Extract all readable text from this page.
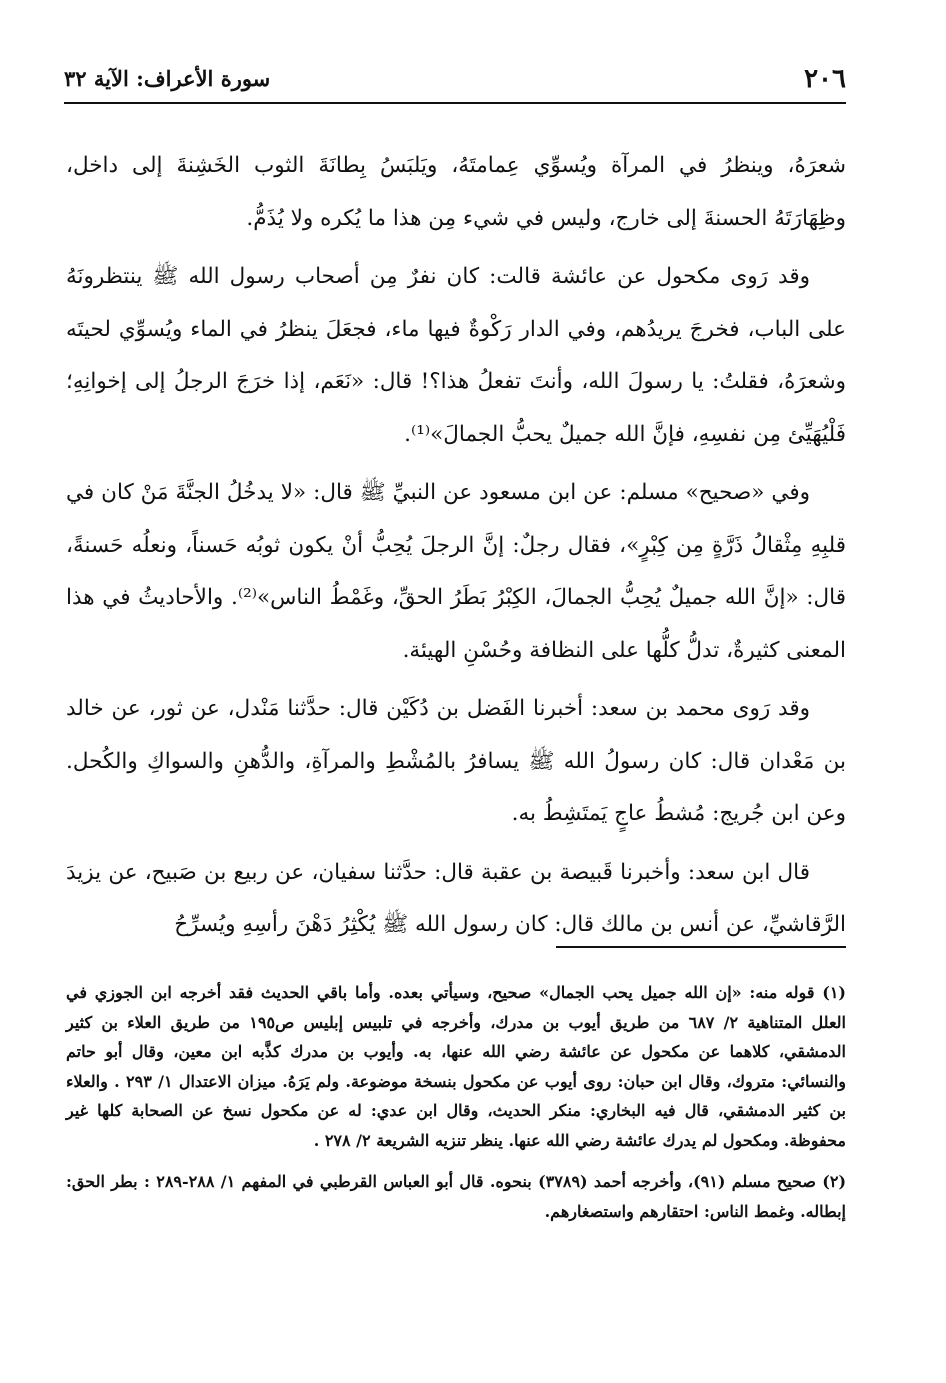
٢٠٦
سورة الأعراف: الآية ٣٢

شعرَهُ، وينظرُ في المرآة ويُسوِّي عِمامتَهُ، ويَلبَسُ بِطانَةَ الثوب الخَشِنةَ إلى داخل، وظِهَارَتَهُ الحسنةَ إلى خارج، وليس في شيء مِن هذا ما يُكره ولا يُذَمُّ.

وقد رَوى مكحول عن عائشة قالت: كان نفرٌ مِن أصحاب رسول الله ﷺ ينتظرونَهُ على الباب، فخرجَ يريدُهم، وفي الدار رَكْوةٌ فيها ماء، فجعَلَ ينظرُ في الماء ويُسوِّي لحيتَه وشعرَهُ، فقلتُ: يا رسولَ الله، وأنتَ تفعلُ هذا؟! قال: «نَعَم، إذا خرَجَ الرجلُ إلى إخوانِهِ؛ فَلْيُهَيِّئ مِن نفسِهِ، فإنَّ الله جميلٌ يحبُّ الجمالَ»⁽¹⁾.

وفي «صحيح» مسلم: عن ابن مسعود عن النبيِّ ﷺ قال: «لا يدخُلُ الجنَّةَ مَنْ كان في قلبِهِ مِثْقالُ ذَرَّةٍ مِن كِبْرٍ»، فقال رجلٌ: إنَّ الرجلَ يُحِبُّ أنْ يكون ثوبُه حَسناً، ونعلُه حَسنةً، قال: «إنَّ الله جميلٌ يُحِبُّ الجمالَ، الكِبْرُ بَطَرُ الحقِّ، وغَمْطُ الناس»⁽²⁾. والأحاديثُ في هذا المعنى كثيرةٌ، تدلُّ كلُّها على النظافة وحُسْنِ الهيئة.

وقد رَوى محمد بن سعد: أخبرنا الفَضل بن دُكَيْن قال: حدَّثنا مَنْدل، عن ثور، عن خالد بن مَعْدان قال: كان رسولُ الله ﷺ يسافرُ بالمُشْطِ والمرآةِ، والدُّهنِ والسواكِ والكُحل. وعن ابن جُريج: مُشطُ عاجٍ يَمتَشِطُ به.

قال ابن سعد: وأخبرنا قَبيصة بن عقبة قال: حدَّثنا سفيان، عن ربيع بن صَبيح، عن يزيدَ الرَّقاشيِّ، عن أنس بن مالك قال: كان رسول الله ﷺ يُكْثِرُ دَهْنَ رأسِهِ ويُسرِّحُ

(١) قوله منه: «إن الله جميل يحب الجمال» صحيح، وسيأتي بعده. وأما باقي الحديث فقد أخرجه ابن الجوزي في العلل المتناهية ٢/ ٦٨٧ من طريق أيوب بن مدرك، وأخرجه في تلبيس إبليس ص١٩٥ من طريق العلاء بن كثير الدمشقي، كلاهما عن مكحول عن عائشة رضي الله عنها، به. وأيوب بن مدرك كذَّبه ابن معين، وقال أبو حاتم والنسائي: متروك، وقال ابن حبان: روى أيوب عن مكحول بنسخة موضوعة. ولم يَرَهُ. ميزان الاعتدال ١/ ٢٩٣ . والعلاء بن كثير الدمشقي، قال فيه البخاري: منكر الحديث، وقال ابن عدي: له عن مكحول نسخ عن الصحابة كلها غير محفوظة. ومكحول لم يدرك عائشة رضي الله عنها. ينظر تنزيه الشريعة ٢/ ٢٧٨ .

(٢) صحيح مسلم (٩١)، وأخرجه أحمد (٣٧٨٩) بنحوه. قال أبو العباس القرطبي في المفهم ١/ ٢٨٨-٢٨٩ : بطر الحق: إبطاله. وغمط الناس: احتقارهم واستصغارهم.
